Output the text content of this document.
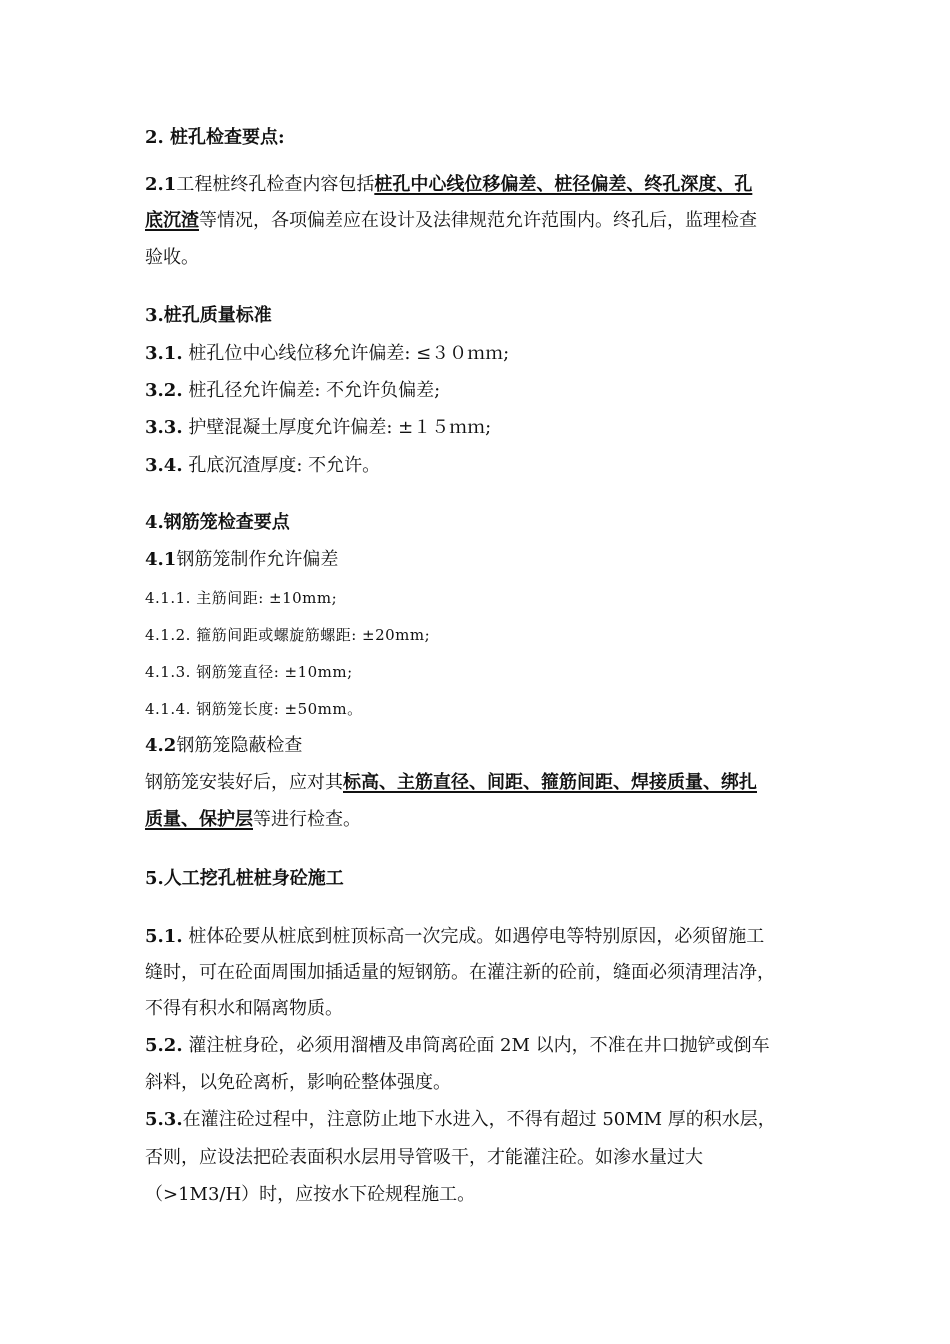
2. 桩孔检查要点:
2.1工程桩终孔检查内容包括桩孔中心线位移偏差、桩径偏差、终孔深度、孔
底沉渣等情况，各项偏差应在设计及法律规范允许范围内。终孔后，监理检查
验收。
3.桩孔质量标准
3.1. 桩孔位中心线位移允许偏差: ≤３０ｍｍ;
3.2. 桩孔径允许偏差: 不允许负偏差;
3.3. 护壁混凝土厚度允许偏差: ±１５ｍｍ;
3.4. 孔底沉渣厚度: 不允许。
4.钢筋笼检查要点
4.1钢筋笼制作允许偏差
4.1.1. 主筋间距: ±10mm;
4.1.2. 箍筋间距或螺旋筋螺距: ±20mm;
4.1.3. 钢筋笼直径: ±10mm;
4.1.4. 钢筋笼长度: ±50mm。
4.2钢筋笼隐蔽检查
钢筋笼安装好后，应对其标高、主筋直径、间距、箍筋间距、焊接质量、绑扎
质量、保护层等进行检查。
5.人工挖孔桩桩身砼施工
5.1. 桩体砼要从桩底到桩顶标高一次完成。如遇停电等特别原因，必须留施工
缝时，可在砼面周围加插适量的短钢筋。在灌注新的砼前，缝面必须清理洁净，
不得有积水和隔离物质。
5.2. 灌注桩身砼，必须用溜槽及串筒离砼面 2M 以内，不准在井口抛铲或倒车
斜料，以免砼离析，影响砼整体强度。
5.3.在灌注砼过程中，注意防止地下水进入，不得有超过 50MM 厚的积水层，
否则，应设法把砼表面积水层用导管吸干，才能灌注砼。如渗水量过大
（>1M3/H）时，应按水下砼规程施工。
